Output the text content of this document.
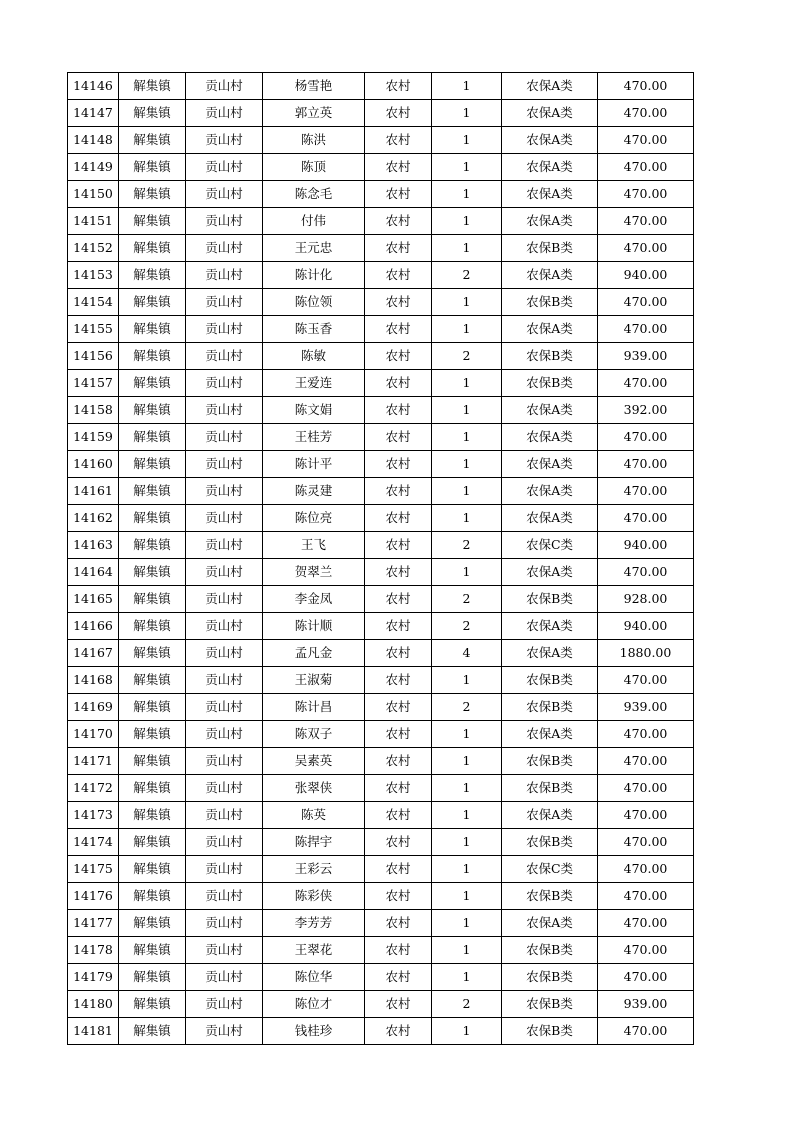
14146	解集镇	贡山村	杨雪艳	农村	1	农保A类	470.00
14147	解集镇	贡山村	郭立英	农村	1	农保A类	470.00
14148	解集镇	贡山村	陈洪	农村	1	农保A类	470.00
14149	解集镇	贡山村	陈顶	农村	1	农保A类	470.00
14150	解集镇	贡山村	陈念毛	农村	1	农保A类	470.00
14151	解集镇	贡山村	付伟	农村	1	农保A类	470.00
14152	解集镇	贡山村	王元忠	农村	1	农保B类	470.00
14153	解集镇	贡山村	陈计化	农村	2	农保A类	940.00
14154	解集镇	贡山村	陈位领	农村	1	农保B类	470.00
14155	解集镇	贡山村	陈玉香	农村	1	农保A类	470.00
14156	解集镇	贡山村	陈敏	农村	2	农保B类	939.00
14157	解集镇	贡山村	王爱连	农村	1	农保B类	470.00
14158	解集镇	贡山村	陈文娟	农村	1	农保A类	392.00
14159	解集镇	贡山村	王桂芳	农村	1	农保A类	470.00
14160	解集镇	贡山村	陈计平	农村	1	农保A类	470.00
14161	解集镇	贡山村	陈灵建	农村	1	农保A类	470.00
14162	解集镇	贡山村	陈位亮	农村	1	农保A类	470.00
14163	解集镇	贡山村	王飞	农村	2	农保C类	940.00
14164	解集镇	贡山村	贺翠兰	农村	1	农保A类	470.00
14165	解集镇	贡山村	李金凤	农村	2	农保B类	928.00
14166	解集镇	贡山村	陈计顺	农村	2	农保A类	940.00
14167	解集镇	贡山村	孟凡金	农村	4	农保A类	1880.00
14168	解集镇	贡山村	王淑菊	农村	1	农保B类	470.00
14169	解集镇	贡山村	陈计昌	农村	2	农保B类	939.00
14170	解集镇	贡山村	陈双子	农村	1	农保A类	470.00
14171	解集镇	贡山村	吴素英	农村	1	农保B类	470.00
14172	解集镇	贡山村	张翠侠	农村	1	农保B类	470.00
14173	解集镇	贡山村	陈英	农村	1	农保A类	470.00
14174	解集镇	贡山村	陈捍宇	农村	1	农保B类	470.00
14175	解集镇	贡山村	王彩云	农村	1	农保C类	470.00
14176	解集镇	贡山村	陈彩侠	农村	1	农保B类	470.00
14177	解集镇	贡山村	李芳芳	农村	1	农保A类	470.00
14178	解集镇	贡山村	王翠花	农村	1	农保B类	470.00
14179	解集镇	贡山村	陈位华	农村	1	农保B类	470.00
14180	解集镇	贡山村	陈位才	农村	2	农保B类	939.00
14181	解集镇	贡山村	钱桂珍	农村	1	农保B类	470.00
